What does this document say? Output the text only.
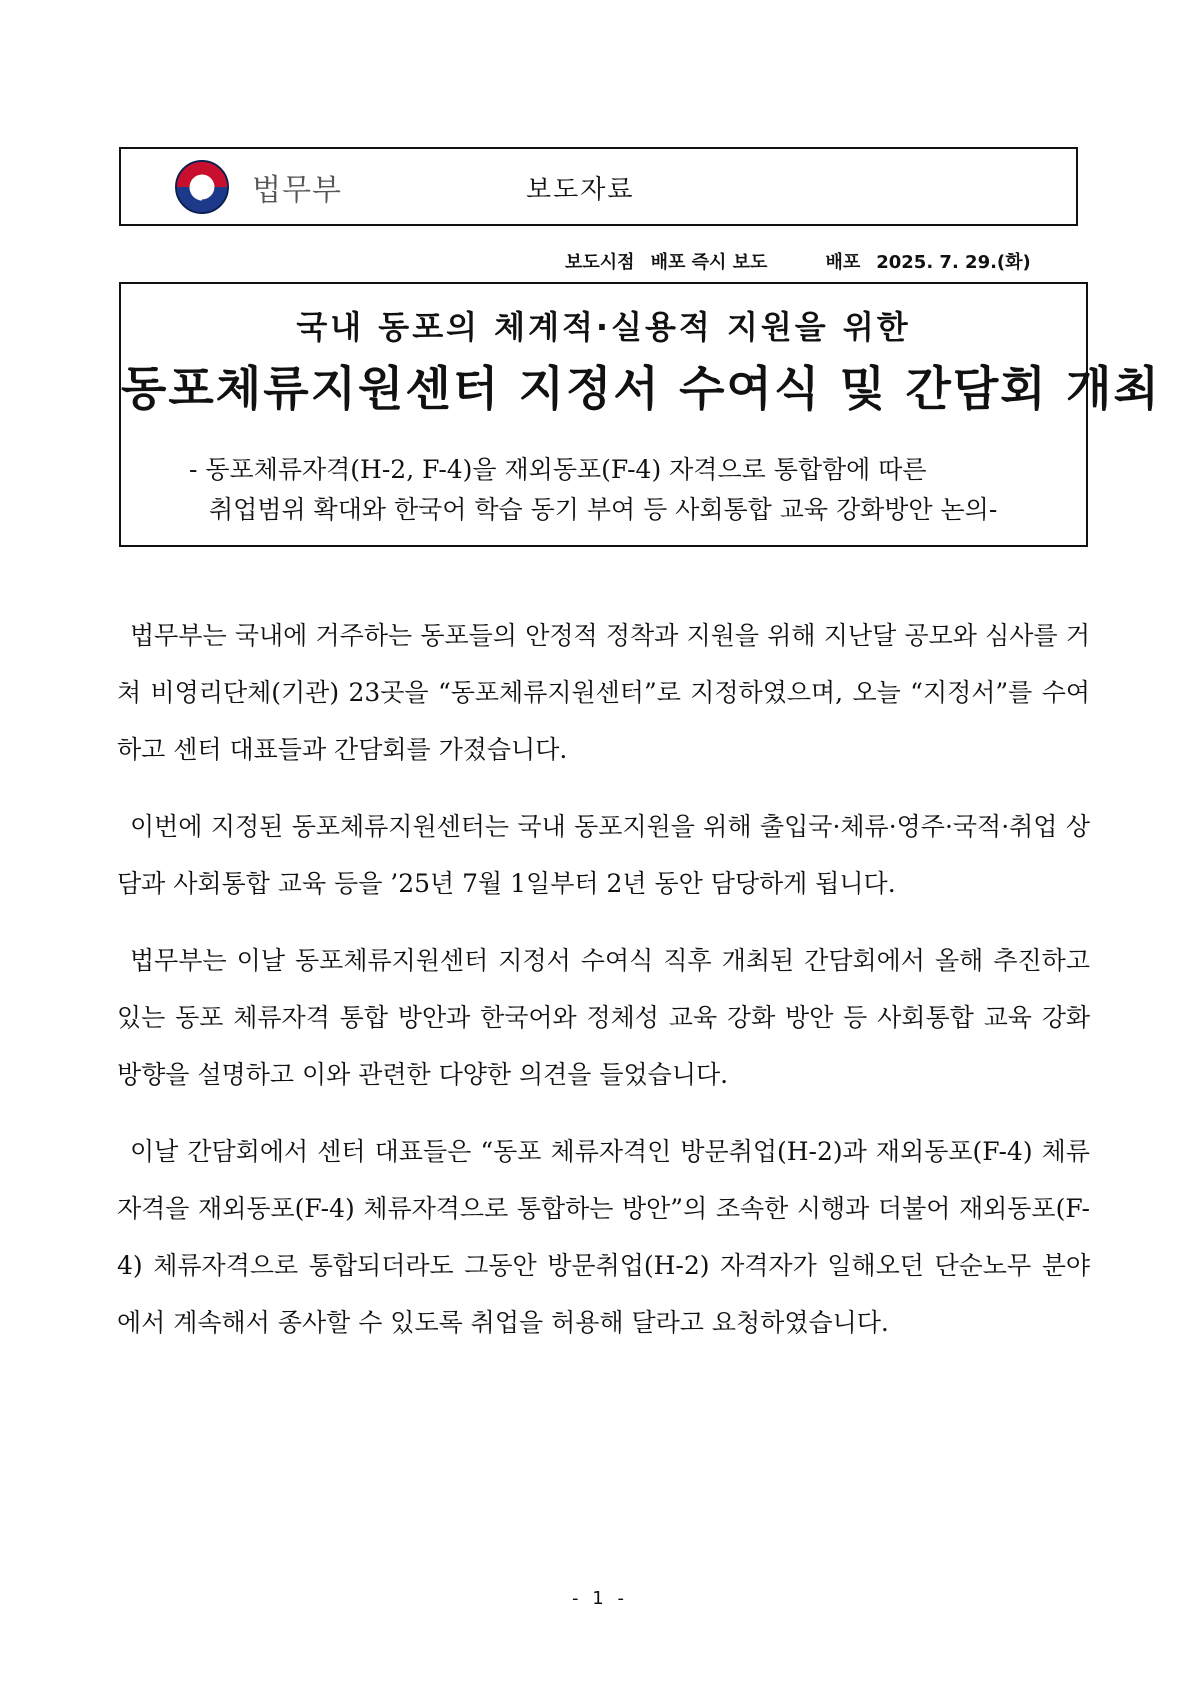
법무부	보도자료
보도시점 배포 즉시 보도	배포 2025. 7. 29.(화)
국내 동포의 체계적·실용적 지원을 위한
동포체류지원센터 지정서 수여식 및 간담회 개최
- 동포체류자격(H-2, F-4)을 재외동포(F-4) 자격으로 통합함에 따른
취업범위 확대와 한국어 학습 동기 부여 등 사회통합 교육 강화방안 논의-

법무부는 국내에 거주하는 동포들의 안정적 정착과 지원을 위해 지난달 공모와 심사를 거쳐 비영리단체(기관) 23곳을 “동포체류지원센터”로 지정하였으며, 오늘 “지정서”를 수여하고 센터 대표들과 간담회를 가졌습니다.

이번에 지정된 동포체류지원센터는 국내 동포지원을 위해 출입국·체류·영주·국적·취업 상담과 사회통합 교육 등을 ’25년 7월 1일부터 2년 동안 담당하게 됩니다.

법무부는 이날 동포체류지원센터 지정서 수여식 직후 개최된 간담회에서 올해 추진하고 있는 동포 체류자격 통합 방안과 한국어와 정체성 교육 강화 방안 등 사회통합 교육 강화 방향을 설명하고 이와 관련한 다양한 의견을 들었습니다.

이날 간담회에서 센터 대표들은 “동포 체류자격인 방문취업(H-2)과 재외동포(F-4) 체류자격을 재외동포(F-4) 체류자격으로 통합하는 방안”의 조속한 시행과 더불어 재외동포(F-4) 체류자격으로 통합되더라도 그동안 방문취업(H-2) 자격자가 일해오던 단순노무 분야에서 계속해서 종사할 수 있도록 취업을 허용해 달라고 요청하였습니다.

- 1 -
